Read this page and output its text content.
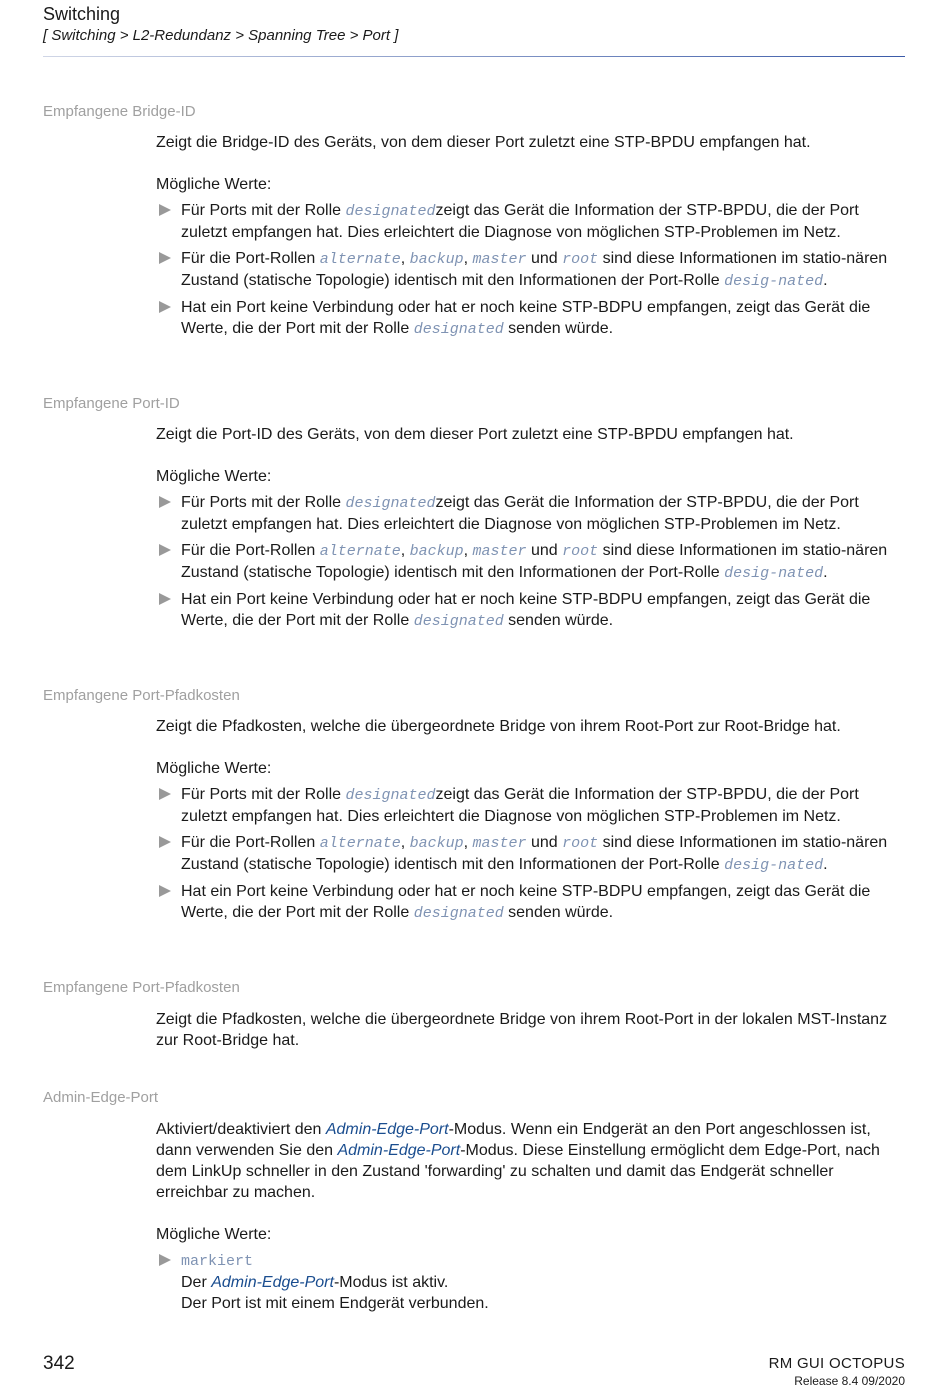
Switching
[ Switching > L2-Redundanz > Spanning Tree > Port ]
Empfangene Bridge-ID

Zeigt die Bridge-ID des Geräts, von dem dieser Port zuletzt eine STP-BPDU empfangen hat.

Mögliche Werte:

Für Ports mit der Rolle designatedzeigt das Gerät die Information der STP-BPDU, die der Port zuletzt empfangen hat. Dies erleichtert die Diagnose von möglichen STP-Problemen im Netz.
Für die Port-Rollen alternate, backup, master und root sind diese Informationen im statio-nären Zustand (statische Topologie) identisch mit den Informationen der Port-Rolle desig-nated.
Hat ein Port keine Verbindung oder hat er noch keine STP-BDPU empfangen, zeigt das Gerät die Werte, die der Port mit der Rolle designated senden würde.
Empfangene Port-ID

Zeigt die Port-ID des Geräts, von dem dieser Port zuletzt eine STP-BPDU empfangen hat.

Mögliche Werte:

Für Ports mit der Rolle designatedzeigt das Gerät die Information der STP-BPDU, die der Port zuletzt empfangen hat. Dies erleichtert die Diagnose von möglichen STP-Problemen im Netz.
Für die Port-Rollen alternate, backup, master und root sind diese Informationen im statio-nären Zustand (statische Topologie) identisch mit den Informationen der Port-Rolle desig-nated.
Hat ein Port keine Verbindung oder hat er noch keine STP-BDPU empfangen, zeigt das Gerät die Werte, die der Port mit der Rolle designated senden würde.
Empfangene Port-Pfadkosten

Zeigt die Pfadkosten, welche die übergeordnete Bridge von ihrem Root-Port zur Root-Bridge hat.

Mögliche Werte:

Für Ports mit der Rolle designatedzeigt das Gerät die Information der STP-BPDU, die der Port zuletzt empfangen hat. Dies erleichtert die Diagnose von möglichen STP-Problemen im Netz.
Für die Port-Rollen alternate, backup, master und root sind diese Informationen im statio-nären Zustand (statische Topologie) identisch mit den Informationen der Port-Rolle desig-nated.
Hat ein Port keine Verbindung oder hat er noch keine STP-BDPU empfangen, zeigt das Gerät die Werte, die der Port mit der Rolle designated senden würde.
Empfangene Port-Pfadkosten

Zeigt die Pfadkosten, welche die übergeordnete Bridge von ihrem Root-Port in der lokalen MST-Instanz zur Root-Bridge hat.

Admin-Edge-Port

Aktiviert/deaktiviert den Admin-Edge-Port-Modus. Wenn ein Endgerät an den Port angeschlossen ist, dann verwenden Sie den Admin-Edge-Port-Modus. Diese Einstellung ermöglicht dem Edge-Port, nach dem LinkUp schneller in den Zustand 'forwarding' zu schalten und damit das Endgerät schneller erreichbar zu machen.

Mögliche Werte:

markiert
Der Admin-Edge-Port-Modus ist aktiv.
Der Port ist mit einem Endgerät verbunden.
342	RM GUI OCTOPUS
Release 8.4 09/2020
